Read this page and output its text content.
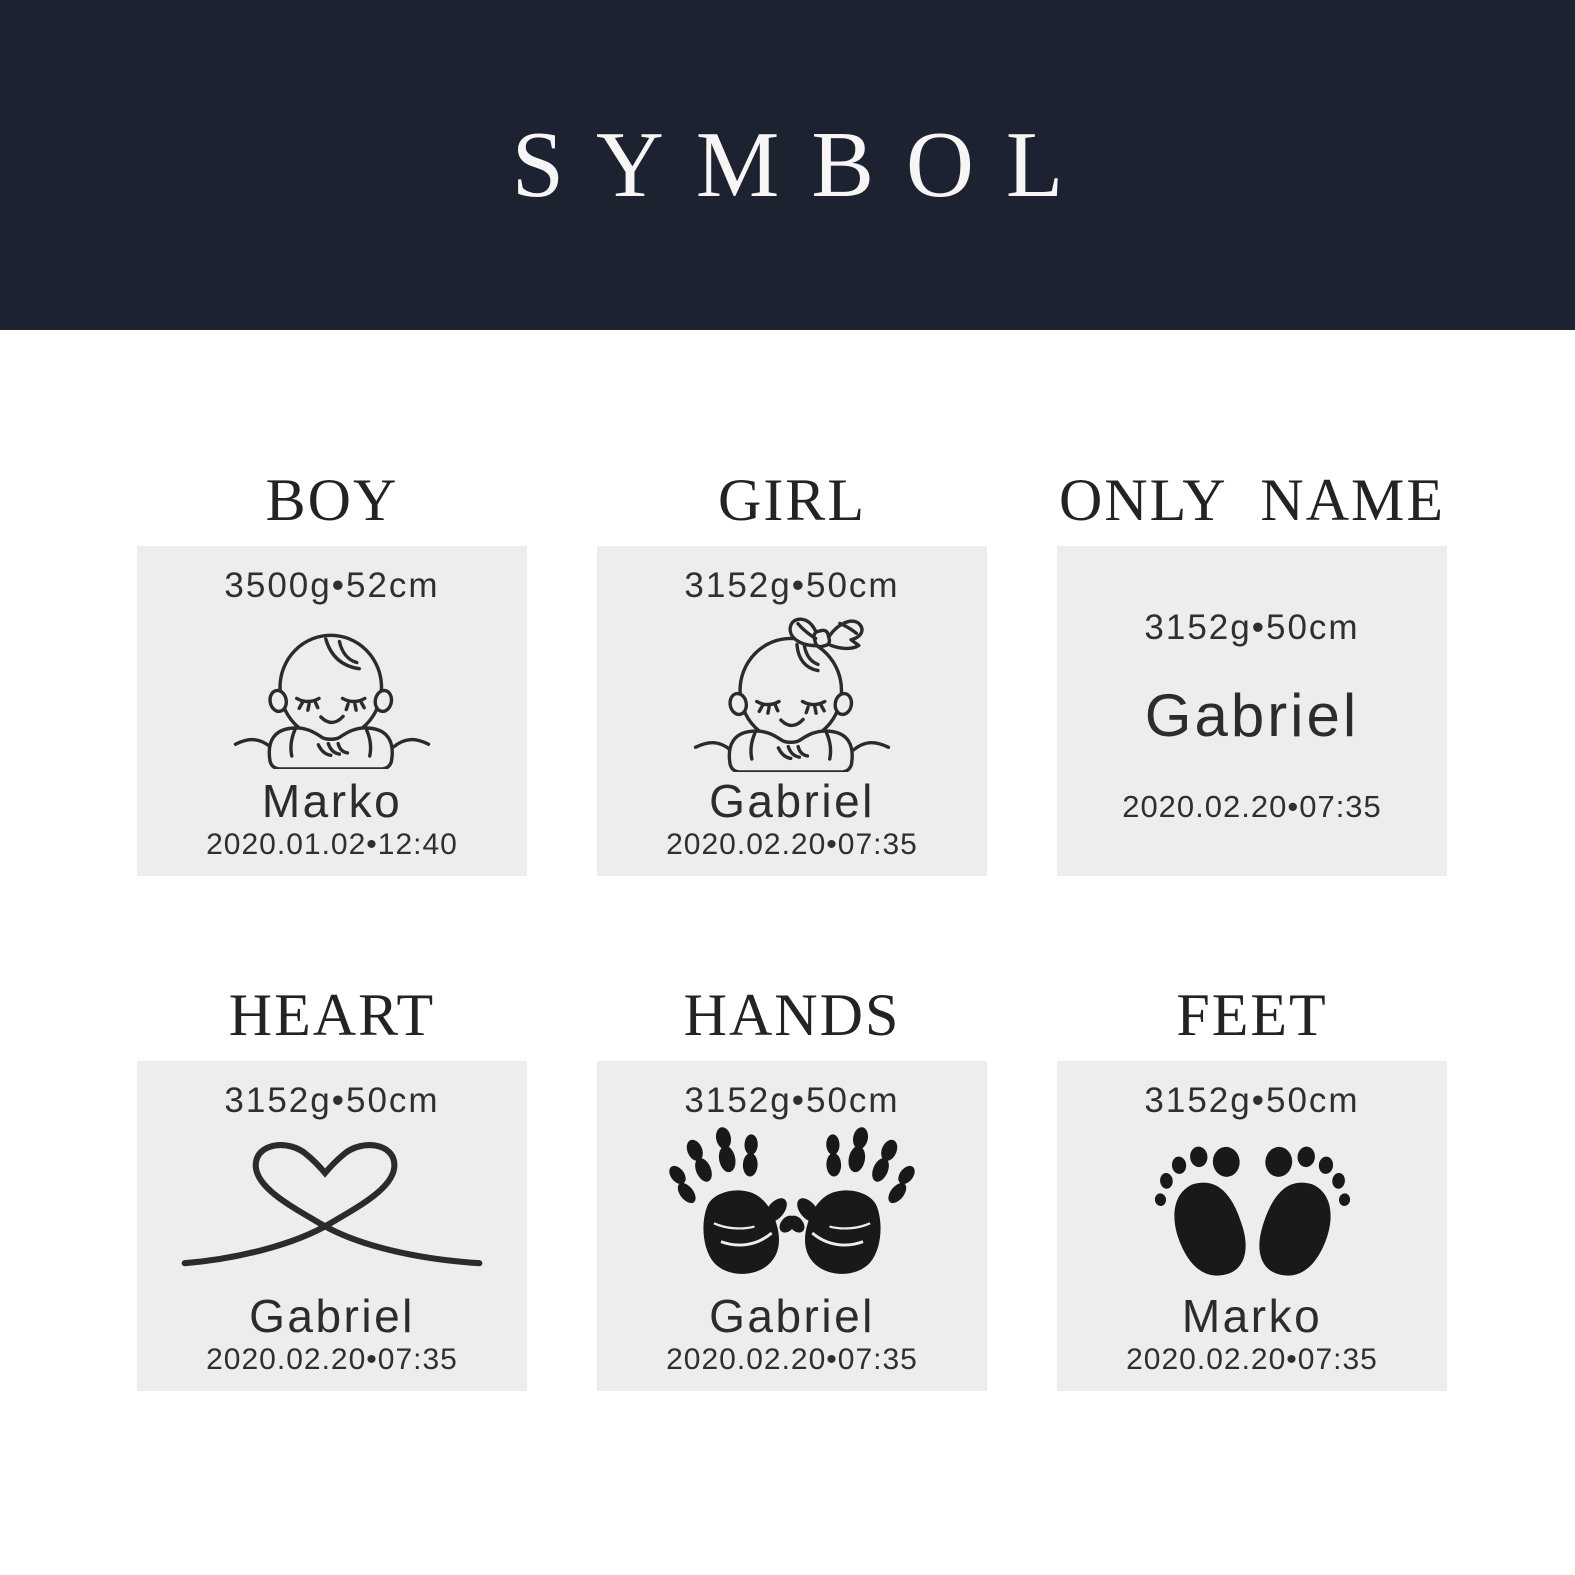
SYMBOL
BOY
3500g•52cm
Marko
2020.01.02•12:40
GIRL
3152g•50cm
Gabriel
2020.02.20•07:35
ONLY NAME
3152g•50cm
Gabriel
2020.02.20•07:35
HEART
3152g•50cm
Gabriel
2020.02.20•07:35
HANDS
3152g•50cm
Gabriel
2020.02.20•07:35
FEET
3152g•50cm
Marko
2020.02.20•07:35
